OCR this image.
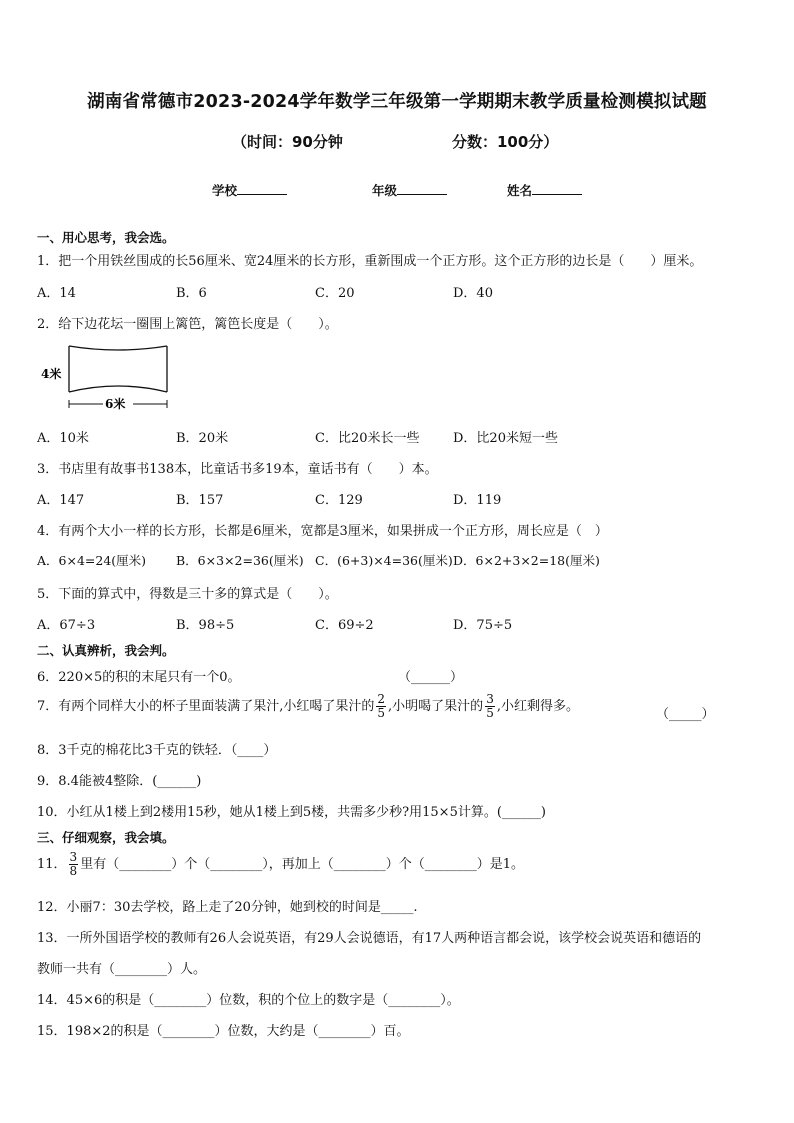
湖南省常德市2023-2024学年数学三年级第一学期期末教学质量检测模拟试题
（时间：90分钟	分数：100分）
学校	年级	姓名
一、用心思考，我会选。
1．把一个用铁丝围成的长56厘米、宽24厘米的长方形，重新围成一个正方形。这个正方形的边长是（　　）厘米。
A．14	B．6	C．20	D．40
2．给下边花坛一圈围上篱笆，篱笆长度是（　　）。
4米
6米
A．10米	B．20米	C．比20米长一些	D．比20米短一些
3．书店里有故事书138本，比童话书多19本，童话书有（　　）本。
A．147	B．157	C．129	D．119
4．有两个大小一样的长方形，长都是6厘米，宽都是3厘米，如果拼成一个正方形，周长应是（　）
A．6×4=24(厘米) B．6×3×2=36(厘米) C．(6+3)×4=36(厘米) D．6×2+3×2=18(厘米)
5．下面的算式中，得数是三十多的算式是（　　）。
A．67÷3	B．98÷5	C．69÷2	D．75÷5
二、认真辨析，我会判。
6．220×5的积的末尾只有一个0。	（______）
7．有两个同样大小的杯子里面装满了果汁,小红喝了果汁的 $\frac{2}{5}$ ,小明喝了果汁的 $\frac{3}{5}$ ,小红剩得多。
（_____）
8．3千克的棉花比3千克的铁轻．（____）
9．8.4能被4整除．(______)
10．小红从1楼上到2楼用15秒，她从1楼上到5楼，共需多少秒?用15×5计算。(______)
三、仔细观察，我会填。
11． $\frac{3}{8}$ 里有（________）个（________），再加上（________）个（________）是1。
12．小丽7：30去学校，路上走了20分钟，她到校的时间是_____.
13．一所外国语学校的教师有26人会说英语，有29人会说德语，有17人两种语言都会说，该学校会说英语和德语的
教师一共有（________）人。
14．45×6的积是（________）位数，积的个位上的数字是（________）。
15．198×2的积是（________）位数，大约是（________）百。
